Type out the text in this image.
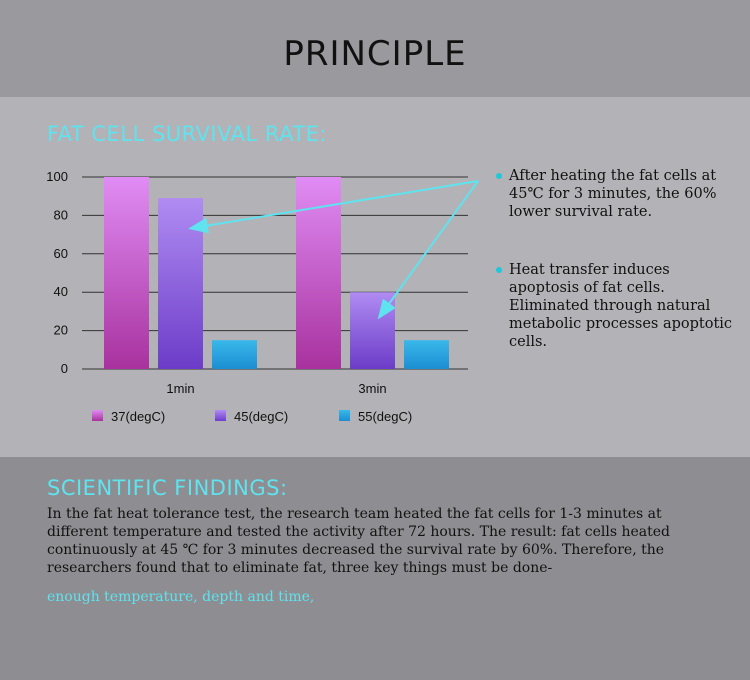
PRINCIPLE
FAT CELL SURVIVAL RATE:
0
20
40
60
80
100
1min	3min
37(degC)	45(degC)	55(degC)
After heating the fat cells at 45℃ for 3 minutes, the 60% lower survival rate.
Heat transfer induces apoptosis of fat cells. Eliminated through natural metabolic processes apoptotic cells.
SCIENTIFIC FINDINGS:

In the fat heat tolerance test, the research team heated the fat cells for 1-3 minutes at different temperature and tested the activity after 72 hours. The result: fat cells heated continuously at 45 ℃ for 3 minutes decreased the survival rate by 60%. Therefore, the researchers found that to eliminate fat, three key things must be done-

enough temperature, depth and time,
